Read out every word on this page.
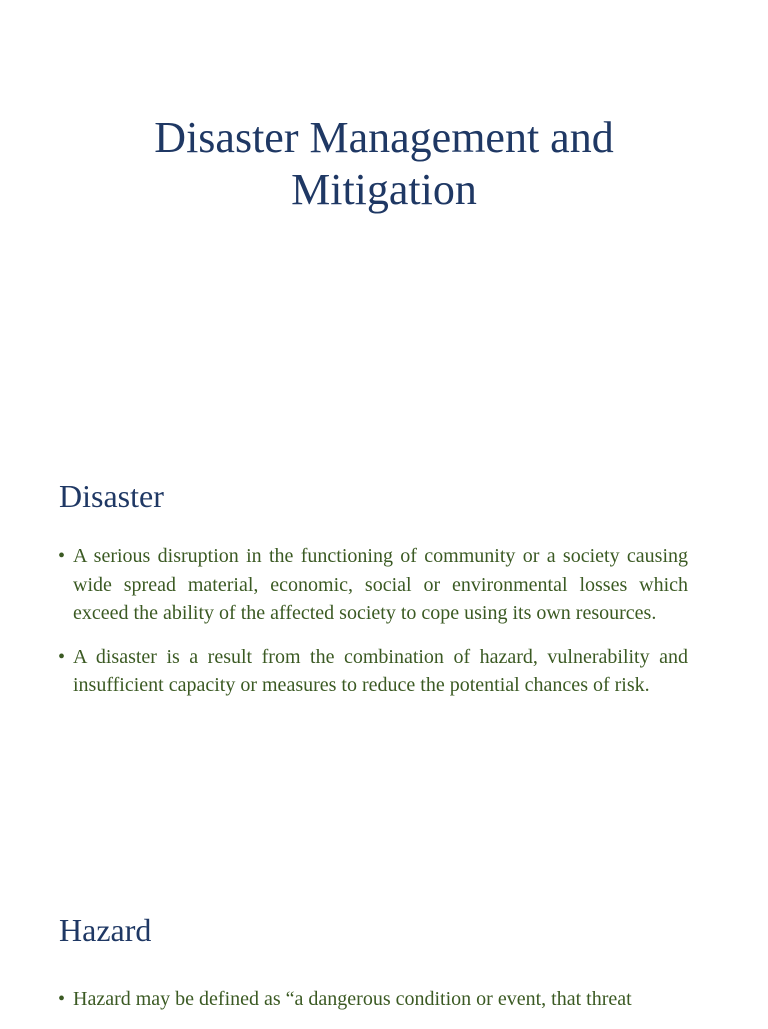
Disaster Management and
Mitigation
Disaster
• A serious disruption in the functioning of community or a society causing wide spread material, economic, social or environmental losses which exceed the ability of the affected society to cope using its own resources.
• A disaster is a result from the combination of hazard, vulnerability and insufficient capacity or measures to reduce the potential chances of risk.
Hazard
• Hazard may be defined as “a dangerous condition or event, that threat
